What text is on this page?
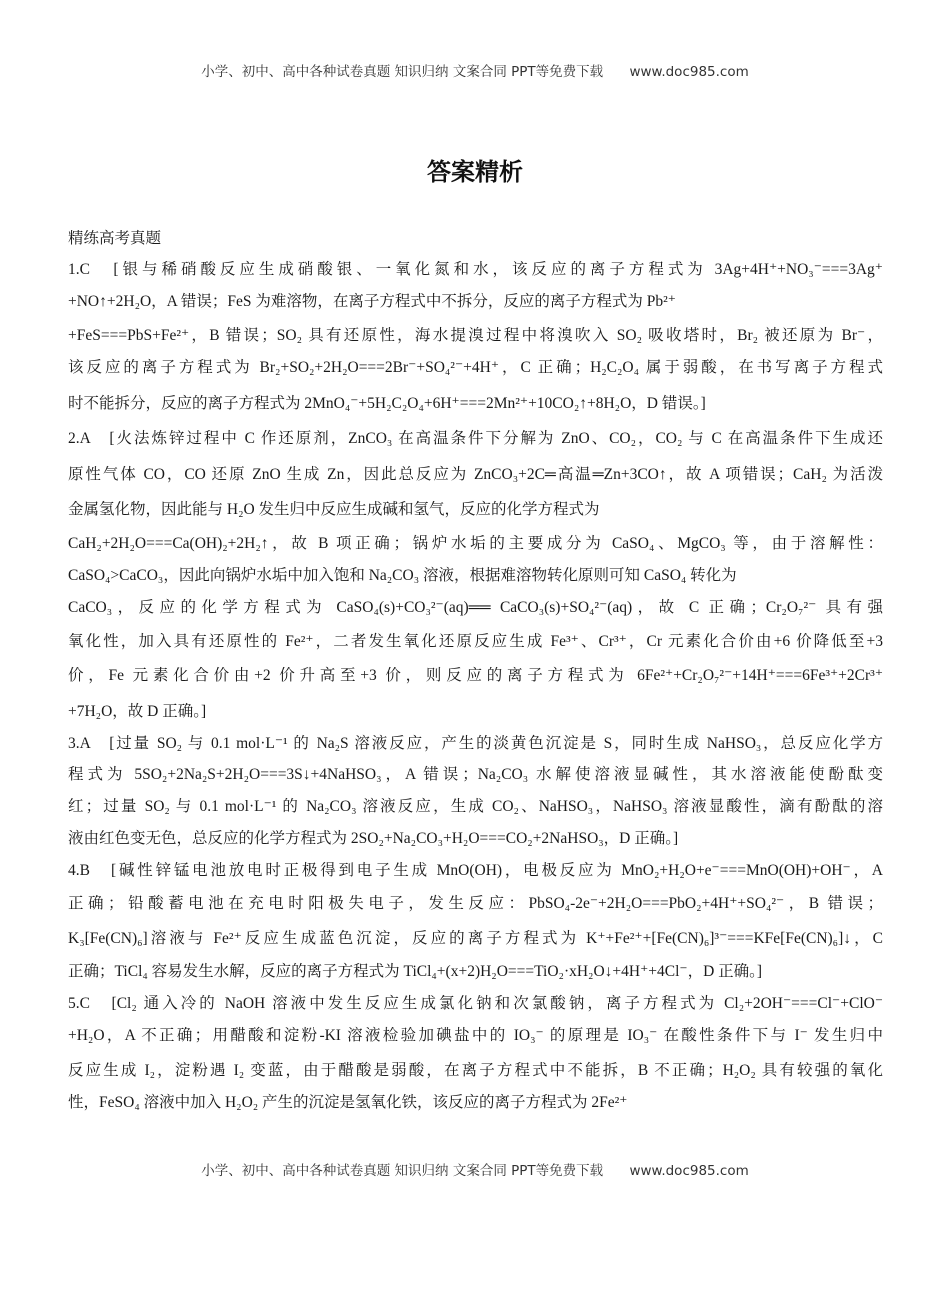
小学、初中、高中各种试卷真题 知识归纳 文案合同 PPT等免费下载 www.doc985.com
答案精析
精练高考真题
1.C　[银与稀硝酸反应生成硝酸银、一氧化氮和水，该反应的离子方程式为 3Ag+4H⁺+NO₃⁻===3Ag⁺
+NO↑+2H₂O，A 错误；FeS 为难溶物，在离子方程式中不拆分，反应的离子方程式为 Pb²⁺
+FeS===PbS+Fe²⁺，B 错误；SO₂ 具有还原性，海水提溴过程中将溴吹入 SO₂ 吸收塔时，Br₂ 被还原为 Br⁻，
该反应的离子方程式为 Br₂+SO₂+2H₂O===2Br⁻+SO₄²⁻+4H⁺，C 正确；H₂C₂O₄ 属于弱酸，在书写离子方程式
时不能拆分，反应的离子方程式为 2MnO₄⁻+5H₂C₂O₄+6H⁺===2Mn²⁺+10CO₂↑+8H₂O，D 错误。]
2.A　[火法炼锌过程中 C 作还原剂，ZnCO₃ 在高温条件下分解为 ZnO、CO₂，CO₂ 与 C 在高温条件下生成还
原性气体 CO，CO 还原 ZnO 生成 Zn，因此总反应为 ZnCO₃+2C═高温═Zn+3CO↑，故 A 项错误；CaH₂ 为活泼
金属氢化物，因此能与 H₂O 发生归中反应生成碱和氢气，反应的化学方程式为
CaH₂+2H₂O===Ca(OH)₂+2H₂↑，故 B 项正确；锅炉水垢的主要成分为 CaSO₄、MgCO₃ 等，由于溶解性：
CaSO₄>CaCO₃，因此向锅炉水垢中加入饱和 Na₂CO₃ 溶液，根据难溶物转化原则可知 CaSO₄ 转化为
CaCO₃，反应的化学方程式为 CaSO₄(s)+CO₃²⁻(aq)══ CaCO₃(s)+SO₄²⁻(aq)，故 C 正确；Cr₂O₇²⁻ 具有强
氧化性，加入具有还原性的 Fe²⁺，二者发生氧化还原反应生成 Fe³⁺、Cr³⁺，Cr 元素化合价由+6 价降低至+3
价，Fe 元素化合价由+2 价升高至+3 价，则反应的离子方程式为 6Fe²⁺+Cr₂O₇²⁻+14H⁺===6Fe³⁺+2Cr³⁺
+7H₂O，故 D 正确。]
3.A　[过量 SO₂ 与 0.1 mol·L⁻¹ 的 Na₂S 溶液反应，产生的淡黄色沉淀是 S，同时生成 NaHSO₃，总反应化学方
程式为 5SO₂+2Na₂S+2H₂O===3S↓+4NaHSO₃，A 错误；Na₂CO₃ 水解使溶液显碱性，其水溶液能使酚酞变
红；过量 SO₂ 与 0.1 mol·L⁻¹ 的 Na₂CO₃ 溶液反应，生成 CO₂、NaHSO₃，NaHSO₃ 溶液显酸性，滴有酚酞的溶
液由红色变无色，总反应的化学方程式为 2SO₂+Na₂CO₃+H₂O===CO₂+2NaHSO₃，D 正确。]
4.B　[碱性锌锰电池放电时正极得到电子生成 MnO(OH)，电极反应为 MnO₂+H₂O+e⁻===MnO(OH)+OH⁻，A
正确；铅酸蓄电池在充电时阳极失电子，发生反应：PbSO₄-2e⁻+2H₂O===PbO₂+4H⁺+SO₄²⁻，B 错误；
K₃[Fe(CN)₆]溶液与 Fe²⁺反应生成蓝色沉淀，反应的离子方程式为 K⁺+Fe²⁺+[Fe(CN)₆]³⁻===KFe[Fe(CN)₆]↓，C
正确；TiCl₄ 容易发生水解，反应的离子方程式为 TiCl₄+(x+2)H₂O===TiO₂·xH₂O↓+4H⁺+4Cl⁻，D 正确。]
5.C　[Cl₂ 通入冷的 NaOH 溶液中发生反应生成氯化钠和次氯酸钠，离子方程式为 Cl₂+2OH⁻===Cl⁻+ClO⁻
+H₂O，A 不正确；用醋酸和淀粉-KI 溶液检验加碘盐中的 IO₃⁻ 的原理是 IO₃⁻ 在酸性条件下与 I⁻ 发生归中
反应生成 I₂，淀粉遇 I₂ 变蓝，由于醋酸是弱酸，在离子方程式中不能拆，B 不正确；H₂O₂ 具有较强的氧化
性，FeSO₄ 溶液中加入 H₂O₂ 产生的沉淀是氢氧化铁，该反应的离子方程式为 2Fe²⁺
小学、初中、高中各种试卷真题 知识归纳 文案合同 PPT等免费下载 www.doc985.com
